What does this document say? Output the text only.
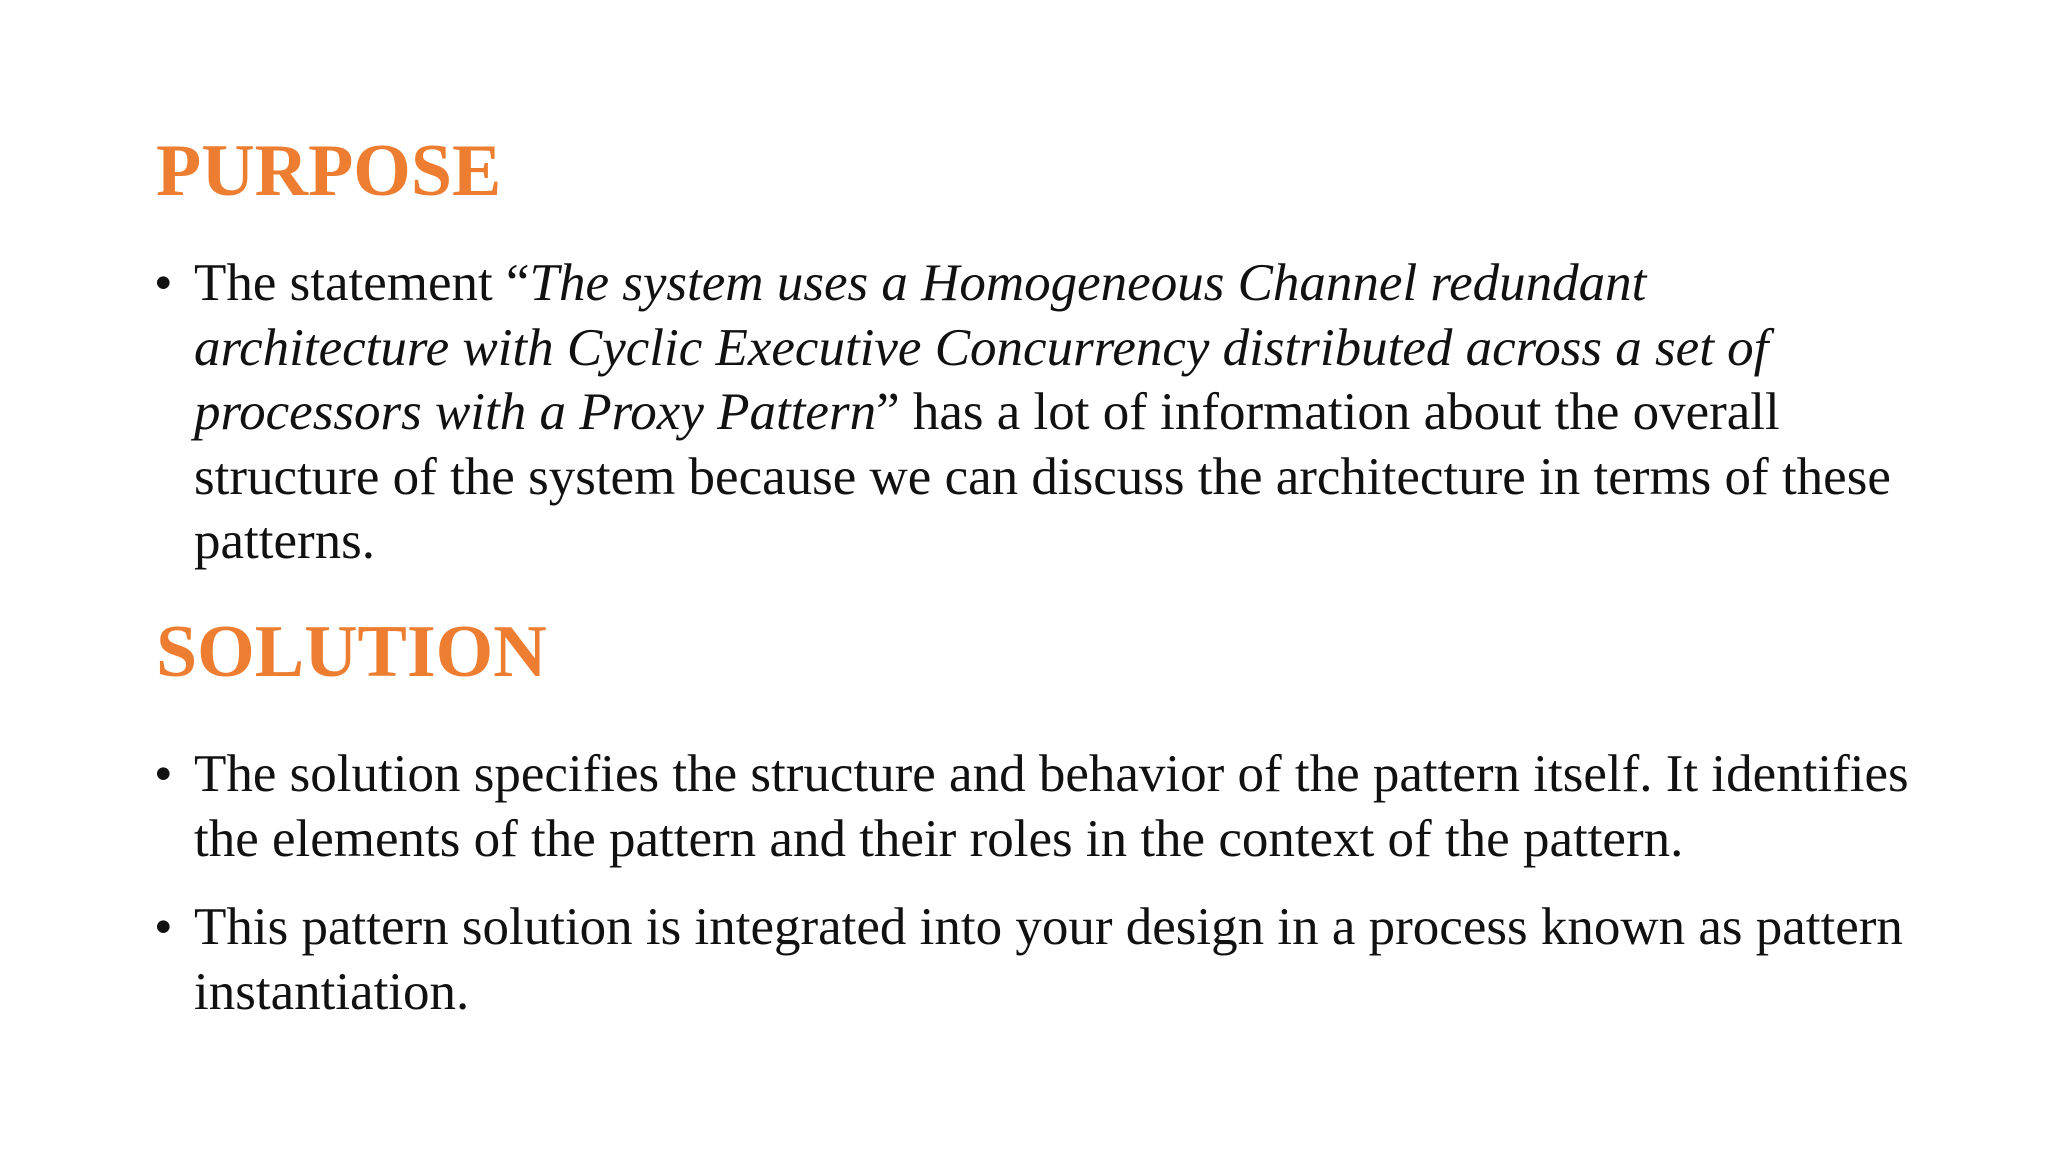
PURPOSE
• The statement “The system uses a Homogeneous Channel redundant architecture with Cyclic Executive Concurrency distributed across a set of processors with a Proxy Pattern” has a lot of information about the overall structure of the system because we can discuss the architecture in terms of these patterns.
SOLUTION
• The solution specifies the structure and behavior of the pattern itself. It identifies the elements of the pattern and their roles in the context of the pattern.
• This pattern solution is integrated into your design in a process known as pattern instantiation.
